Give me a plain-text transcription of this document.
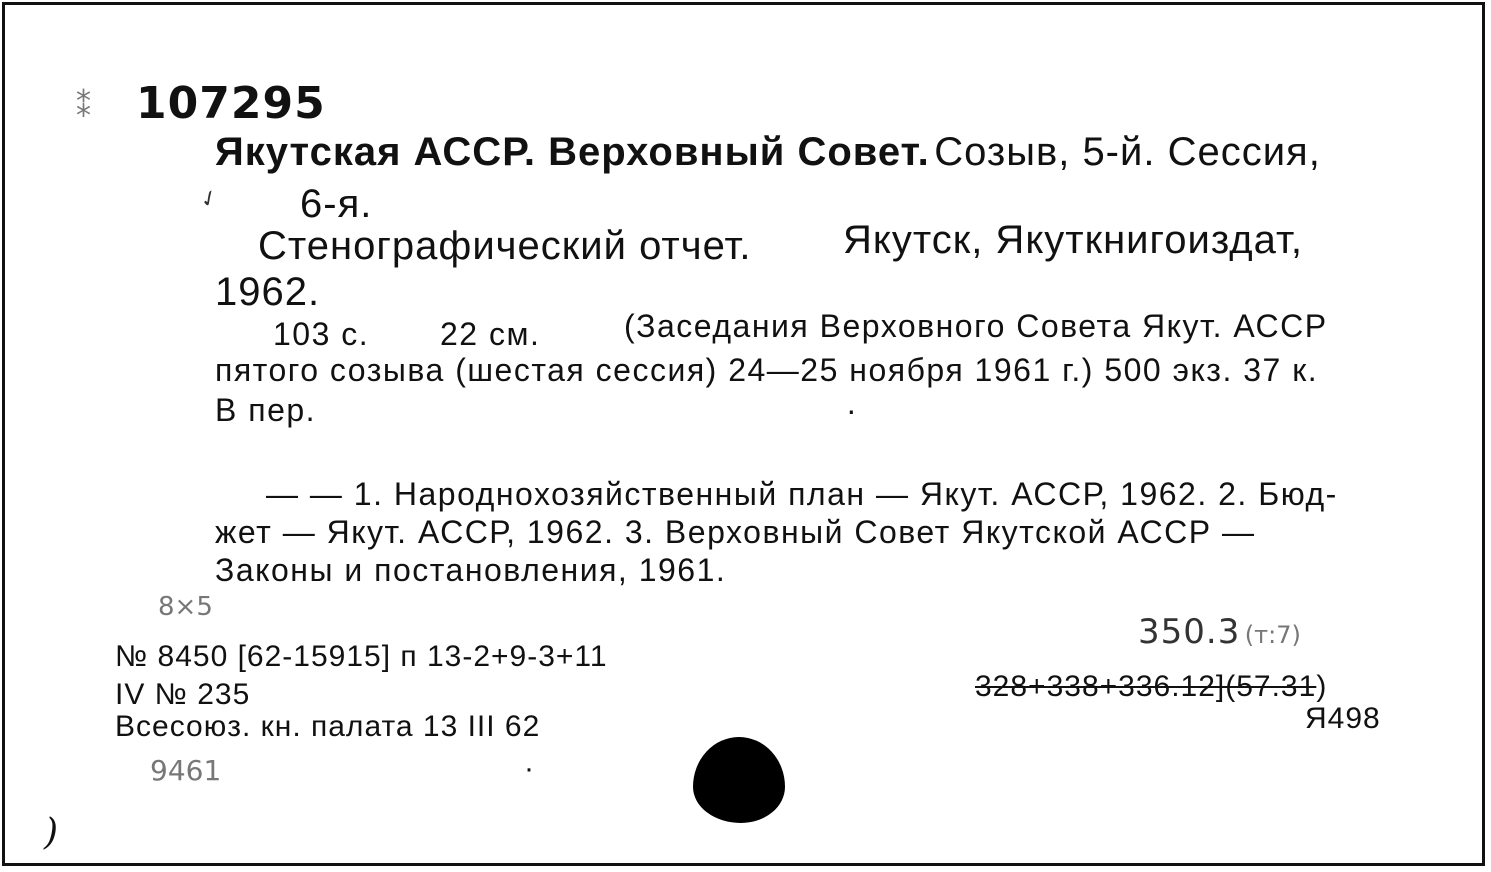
⁑ 107295
Якутская АССР. Верховный Совет. Созыв, 5-й. Сессия,
✓ 6-я.
Стенографический отчет. Якутск, Якуткнигоиздат,
1962.
103 с. 22 см.	(Заседания Верховного Совета Якут. АССР
пятого созыва (шестая сессия) 24—25 ноября 1961 г.) 500 экз. 37 к.
В пер.	·
— — 1. Народнохозяйственный план — Якут. АССР, 1962. 2. Бюд-
жет — Якут. АССР, 1962. 3. Верховный Совет Якутской АССР —
Законы и постановления, 1961.
8×5
9461
№ 8450 [62-15915] п 13-2+9-3+11
IV № 235
Всесоюз. кн. палата 13 III 62
·
350.3 (т:7)
328+338+336.12](57.31)
Я498
)
